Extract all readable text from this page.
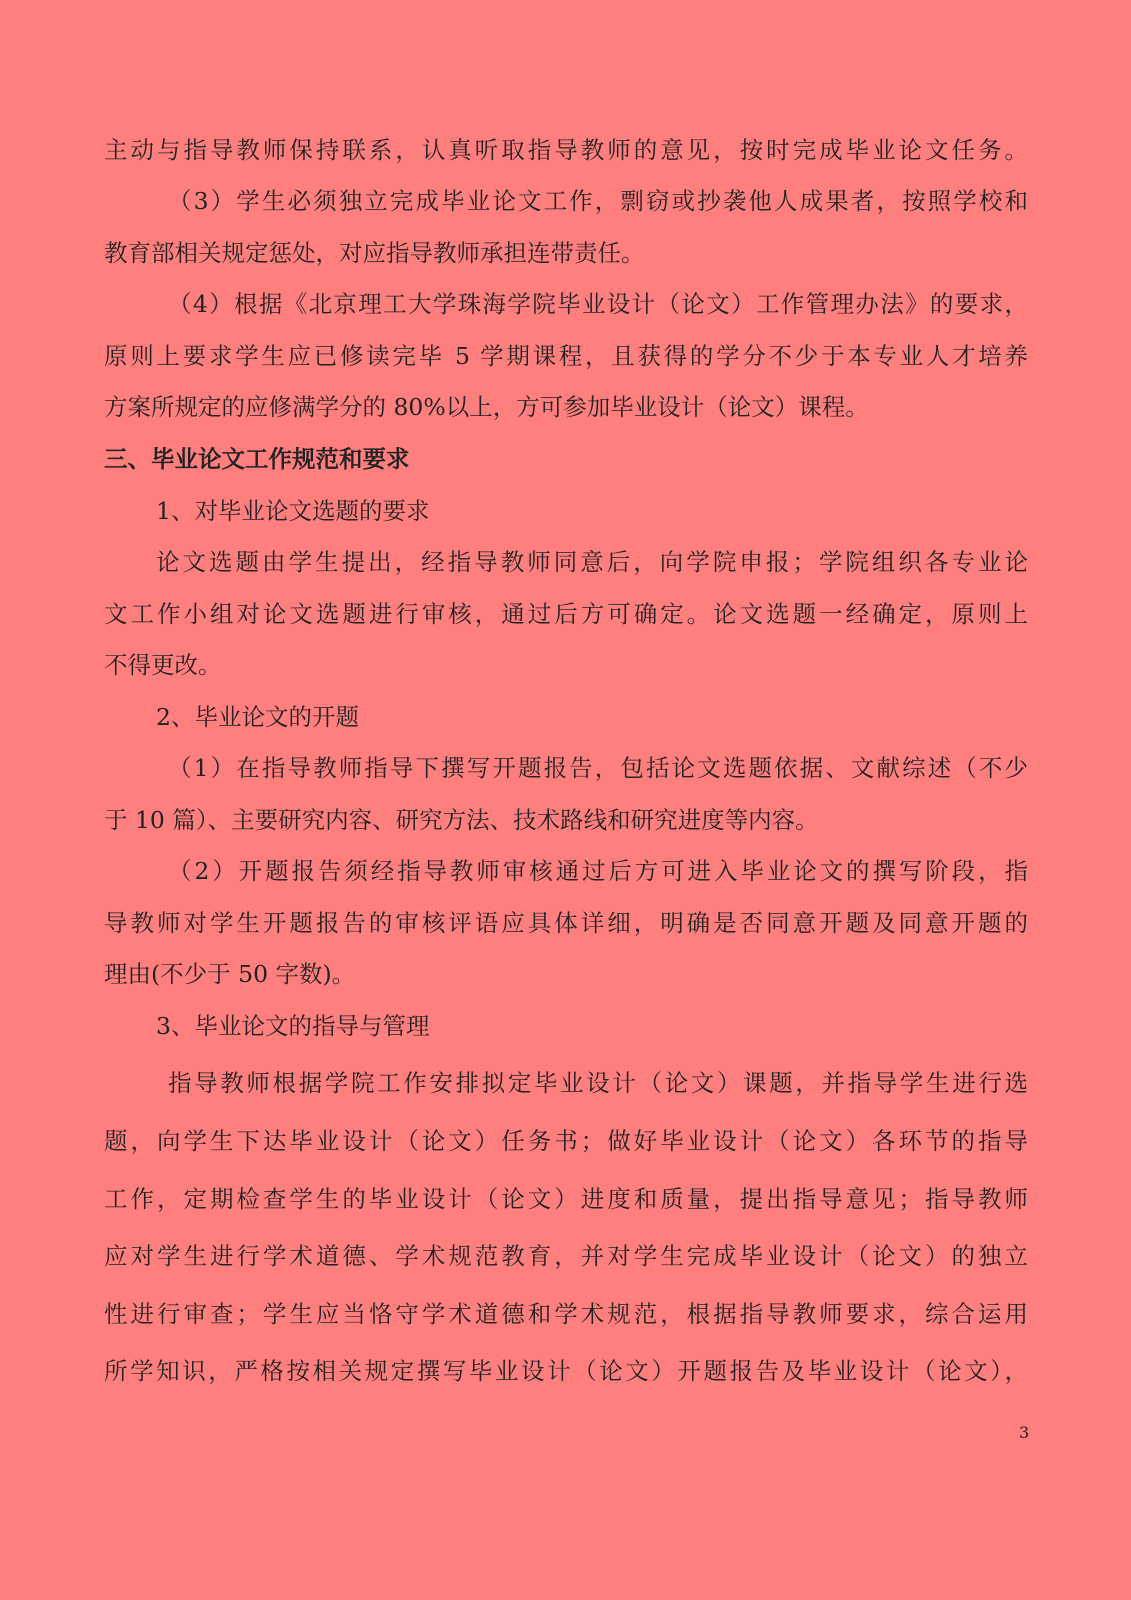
主动与指导教师保持联系，认真听取指导教师的意见，按时完成毕业论文任务。
（3）学生必须独立完成毕业论文工作，剽窃或抄袭他人成果者，按照学校和
教育部相关规定惩处，对应指导教师承担连带责任。
（4）根据《北京理工大学珠海学院毕业设计（论文）工作管理办法》的要求，
原则上要求学生应已修读完毕 5 学期课程，且获得的学分不少于本专业人才培养
方案所规定的应修满学分的 80%以上，方可参加毕业设计（论文）课程。
三、毕业论文工作规范和要求
1、对毕业论文选题的要求
论文选题由学生提出，经指导教师同意后，向学院申报；学院组织各专业论
文工作小组对论文选题进行审核，通过后方可确定。论文选题一经确定，原则上
不得更改。
2、毕业论文的开题
（1）在指导教师指导下撰写开题报告，包括论文选题依据、文献综述（不少
于 10 篇）、主要研究内容、研究方法、技术路线和研究进度等内容。
（2）开题报告须经指导教师审核通过后方可进入毕业论文的撰写阶段，指
导教师对学生开题报告的审核评语应具体详细，明确是否同意开题及同意开题的
理由(不少于 50 字数)。
3、毕业论文的指导与管理
指导教师根据学院工作安排拟定毕业设计（论文）课题，并指导学生进行选
题，向学生下达毕业设计（论文）任务书；做好毕业设计（论文）各环节的指导
工作，定期检查学生的毕业设计（论文）进度和质量，提出指导意见；指导教师
应对学生进行学术道德、学术规范教育，并对学生完成毕业设计（论文）的独立
性进行审查；学生应当恪守学术道德和学术规范，根据指导教师要求，综合运用
所学知识，严格按相关规定撰写毕业设计（论文）开题报告及毕业设计（论文），
3
